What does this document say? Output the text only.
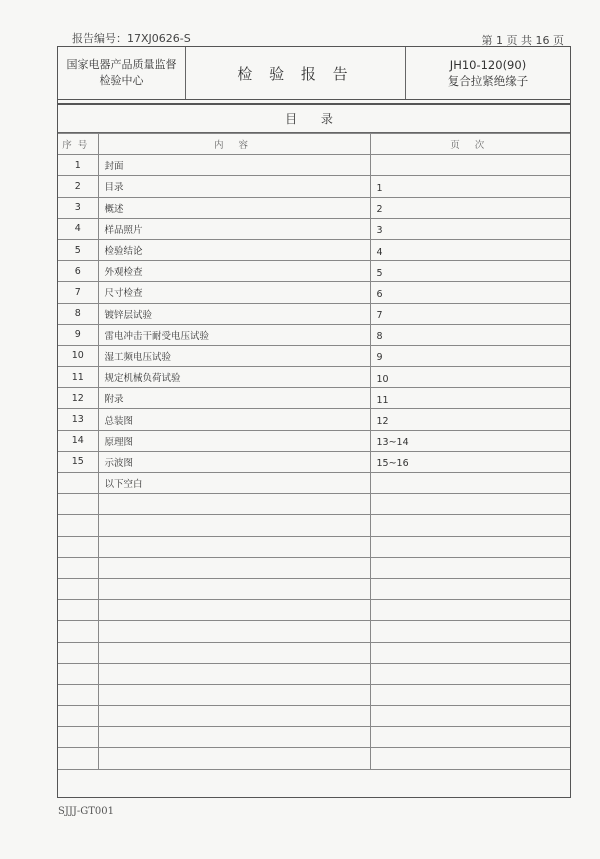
报告编号：17XJ0626-S	第 1 页 共 16 页
国家电器产品质量监督
检验中心	检 验 报 告	JH10-120(90)
复合拉紧绝缘子
目 录
序号	内 容	页 次
1	封面	
2	目录	1
3	概述	2
4	样品照片	3
5	检验结论	4
6	外观检查	5
7	尺寸检查	6
8	镀锌层试验	7
9	雷电冲击干耐受电压试验	8
10	湿工频电压试验	9
11	规定机械负荷试验	10
12	附录	11
13	总装图	12
14	原理图	13~14
15	示波图	15~16
	以下空白	

SJJJ-GT001
